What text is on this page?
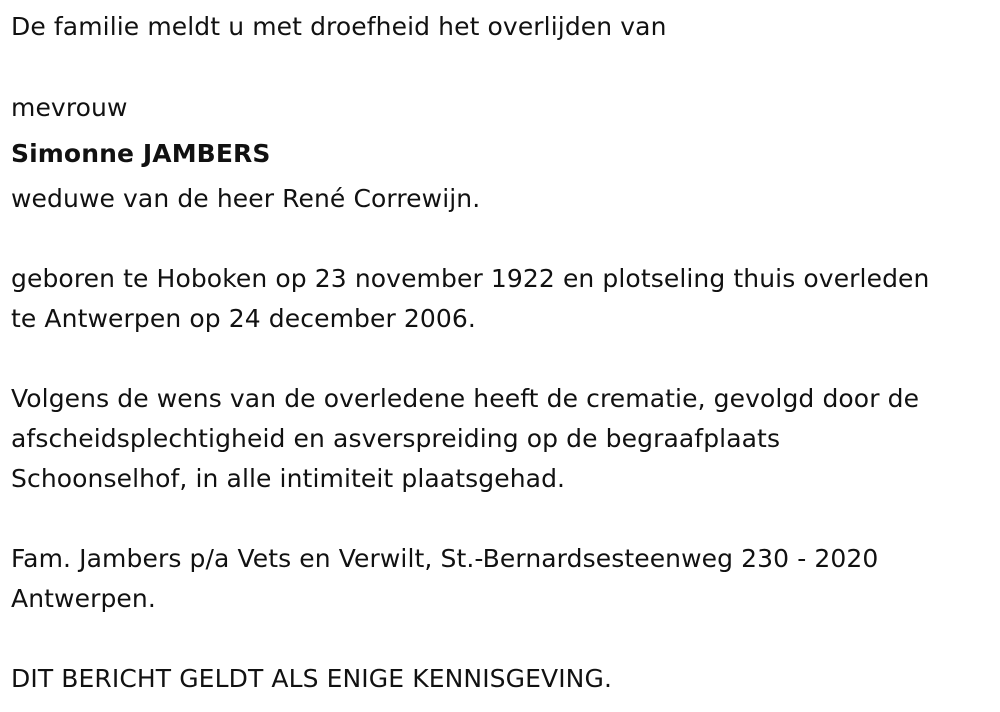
De familie meldt u met droefheid het overlijden van

mevrouw

Simonne JAMBERS

weduwe van de heer René Correwijn.

geboren te Hoboken op 23 november 1922 en plotseling thuis overleden

te Antwerpen op 24 december 2006.

Volgens de wens van de overledene heeft de crematie, gevolgd door de

afscheidsplechtigheid en asverspreiding op de begraafplaats

Schoonselhof, in alle intimiteit plaatsgehad.

Fam. Jambers p/a Vets en Verwilt, St.-Bernardsesteenweg 230 - 2020

Antwerpen.

DIT BERICHT GELDT ALS ENIGE KENNISGEVING.
